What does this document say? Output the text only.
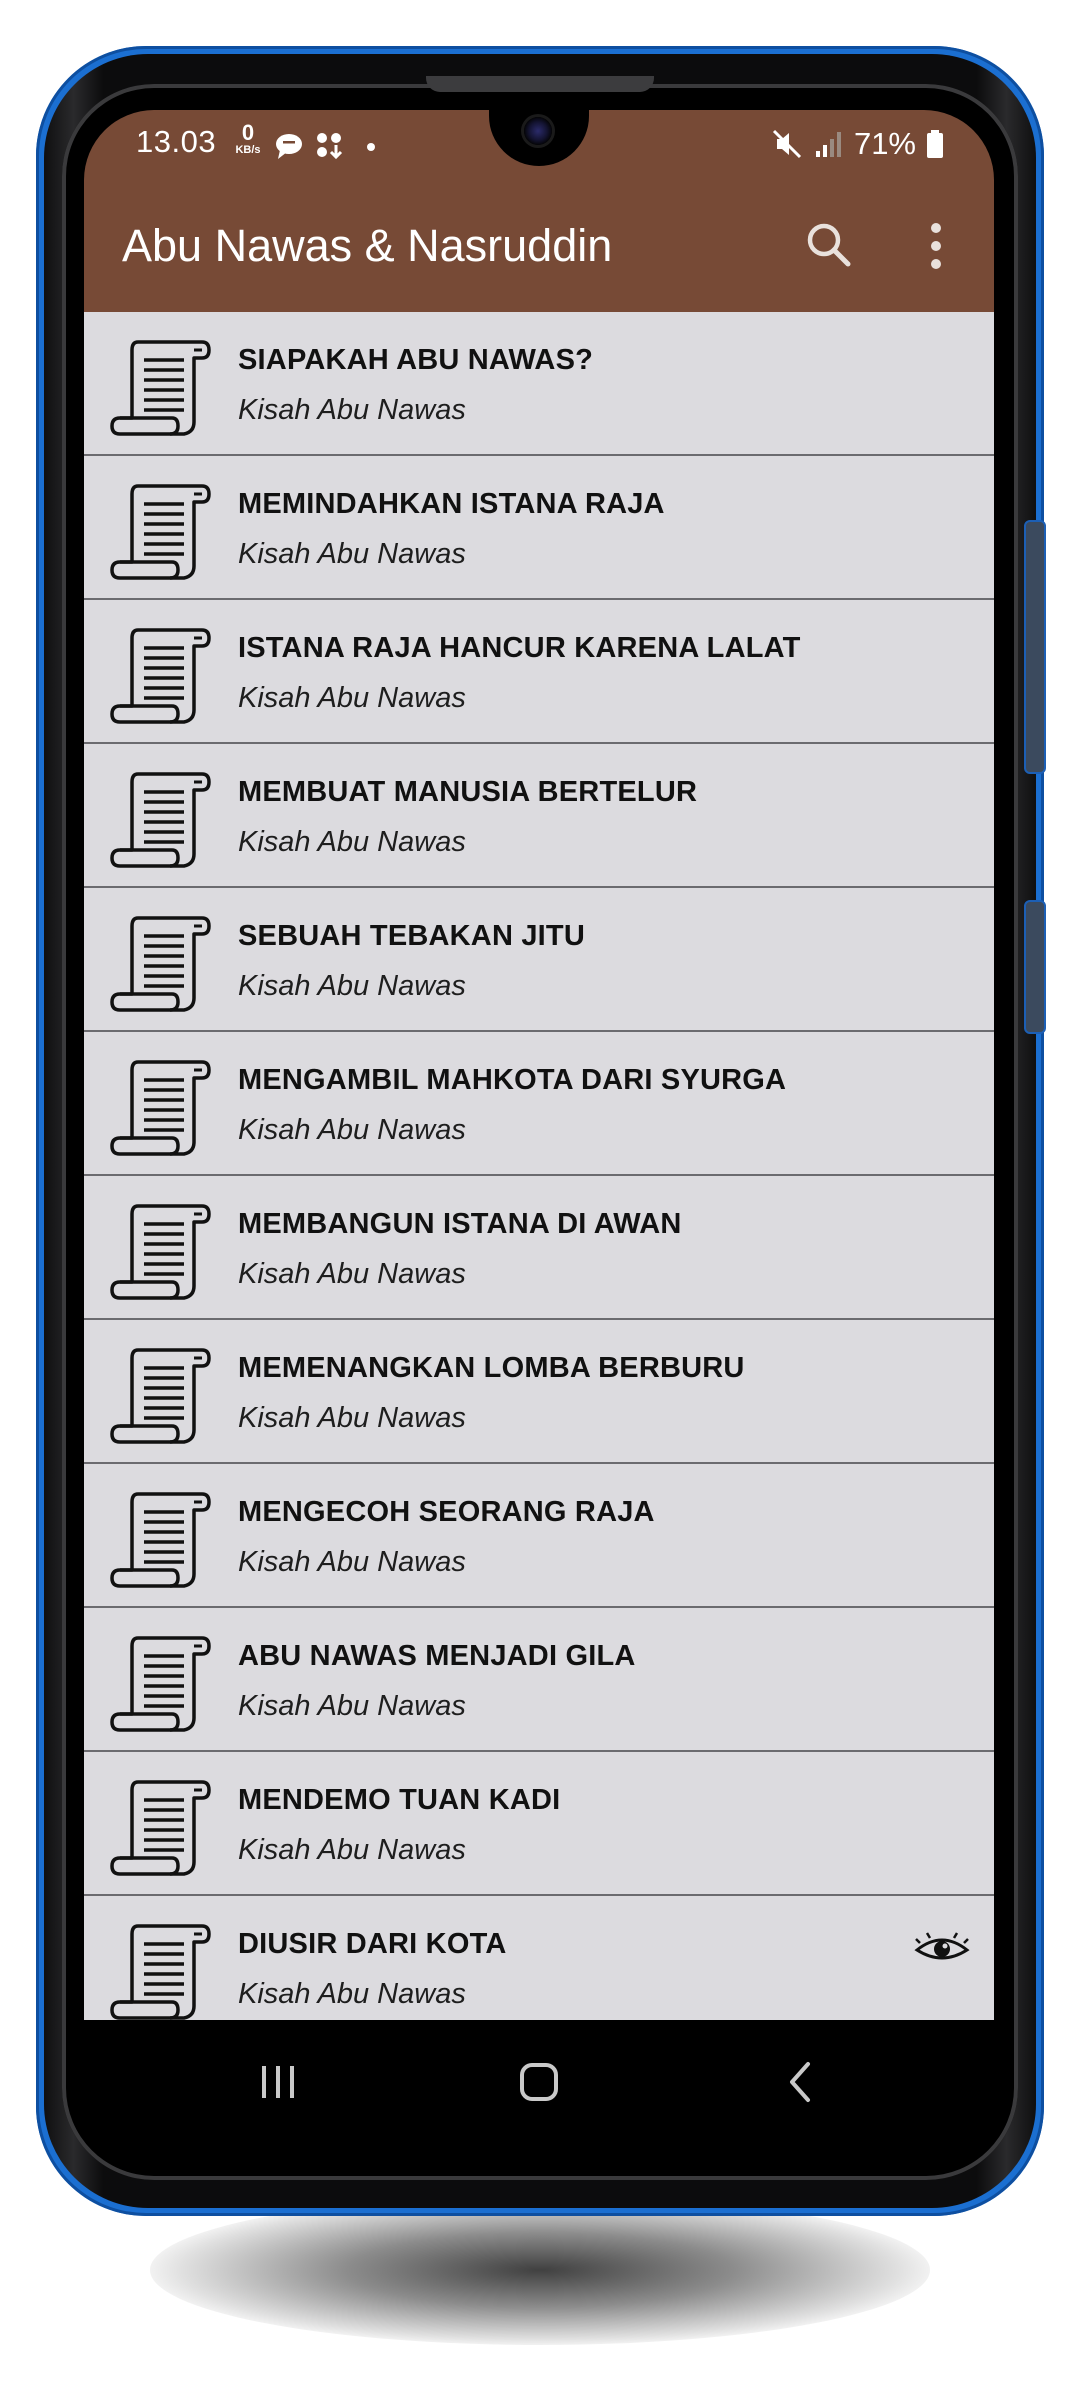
13.03	0
KB/s	71%
Abu Nawas & Nasruddin
SIAPAKAH ABU NAWAS?
Kisah Abu Nawas
MEMINDAHKAN ISTANA RAJA
Kisah Abu Nawas
ISTANA RAJA HANCUR KARENA LALAT
Kisah Abu Nawas
MEMBUAT MANUSIA BERTELUR
Kisah Abu Nawas
SEBUAH TEBAKAN JITU
Kisah Abu Nawas
MENGAMBIL MAHKOTA DARI SYURGA
Kisah Abu Nawas
MEMBANGUN ISTANA DI AWAN
Kisah Abu Nawas
MEMENANGKAN LOMBA BERBURU
Kisah Abu Nawas
MENGECOH SEORANG RAJA
Kisah Abu Nawas
ABU NAWAS MENJADI GILA
Kisah Abu Nawas
MENDEMO TUAN KADI
Kisah Abu Nawas
DIUSIR DARI KOTA
Kisah Abu Nawas
